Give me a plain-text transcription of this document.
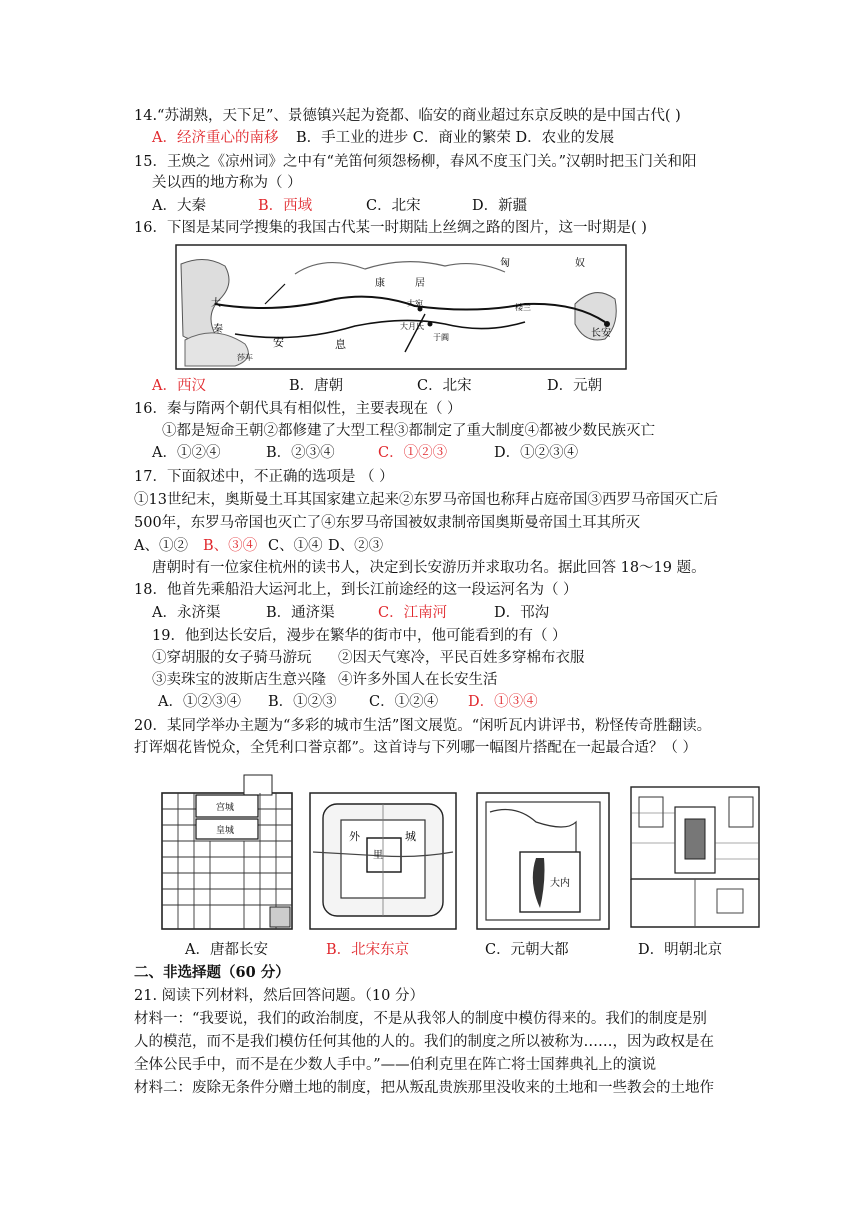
14.“苏湖熟，天下足”、景德镇兴起为瓷都、临安的商业超过东京反映的是中国古代( )
A．经济重心的南移 B．手工业的进步 C．商业的繁荣 D．农业的发展
15．王焕之《凉州词》之中有“羌笛何须怨杨柳，春风不度玉门关。”汉朝时把玉门关和阳
关以西的地方称为（ ）
A．大秦	B．西域	C．北宋	D．新疆
16．下图是某同学搜集的我国古代某一时期陆上丝绸之路的图片，这一时期是( )
匈	奴
康	居
大
秦
安	息
长安
大月氏
于阗
大宛
莎车
楼兰
A．西汉	B．唐朝	C．北宋	D．元朝
16．秦与隋两个朝代具有相似性，主要表现在（ ）
①都是短命王朝②都修建了大型工程③都制定了重大制度④都被少数民族灭亡
A．①②④	B．②③④	C．①②③	D．①②③④
17．下面叙述中，不正确的选项是 （ ）
①13世纪末，奥斯曼土耳其国家建立起来②东罗马帝国也称拜占庭帝国③西罗马帝国灭亡后
500年，东罗马帝国也灭亡了④东罗马帝国被奴隶制帝国奥斯曼帝国土耳其所灭
A、①② B、③④ C、①④ D、②③
唐朝时有一位家住杭州的读书人，决定到长安游历并求取功名。据此回答 18～19 题。
18．他首先乘船沿大运河北上，到长江前途经的这一段运河名为（ ）
A．永济渠	B．通济渠	C．江南河	D．邗沟
19．他到达长安后，漫步在繁华的街市中，他可能看到的有（ ）
①穿胡服的女子骑马游玩 ②因天气寒冷，平民百姓多穿棉布衣服
③卖珠宝的波斯店生意兴隆 ④许多外国人在长安生活
A．①②③④ B．①②③ C．①②④ D．①③④
20．某同学举办主题为“多彩的城市生活”图文展览。“闲听瓦内讲评书，粉怪传奇胜翻读。
打诨烟花皆悦众，全凭利口誉京都”。这首诗与下列哪一幅图片搭配在一起最合适？（ ）
宫城
皇城	外
里
城
大内
A．唐都长安	B．北宋东京	C．元朝大都	D．明朝北京
二、非选择题（60 分）
21. 阅读下列材料，然后回答问题。（10 分）
材料一：“我要说，我们的政治制度，不是从我邻人的制度中模仿得来的。我们的制度是别
人的模范，而不是我们模仿任何其他的人的。我们的制度之所以被称为……，因为政权是在
全体公民手中，而不是在少数人手中。”——伯利克里在阵亡将士国葬典礼上的演说
材料二：废除无条件分赠土地的制度，把从叛乱贵族那里没收来的土地和一些教会的土地作
